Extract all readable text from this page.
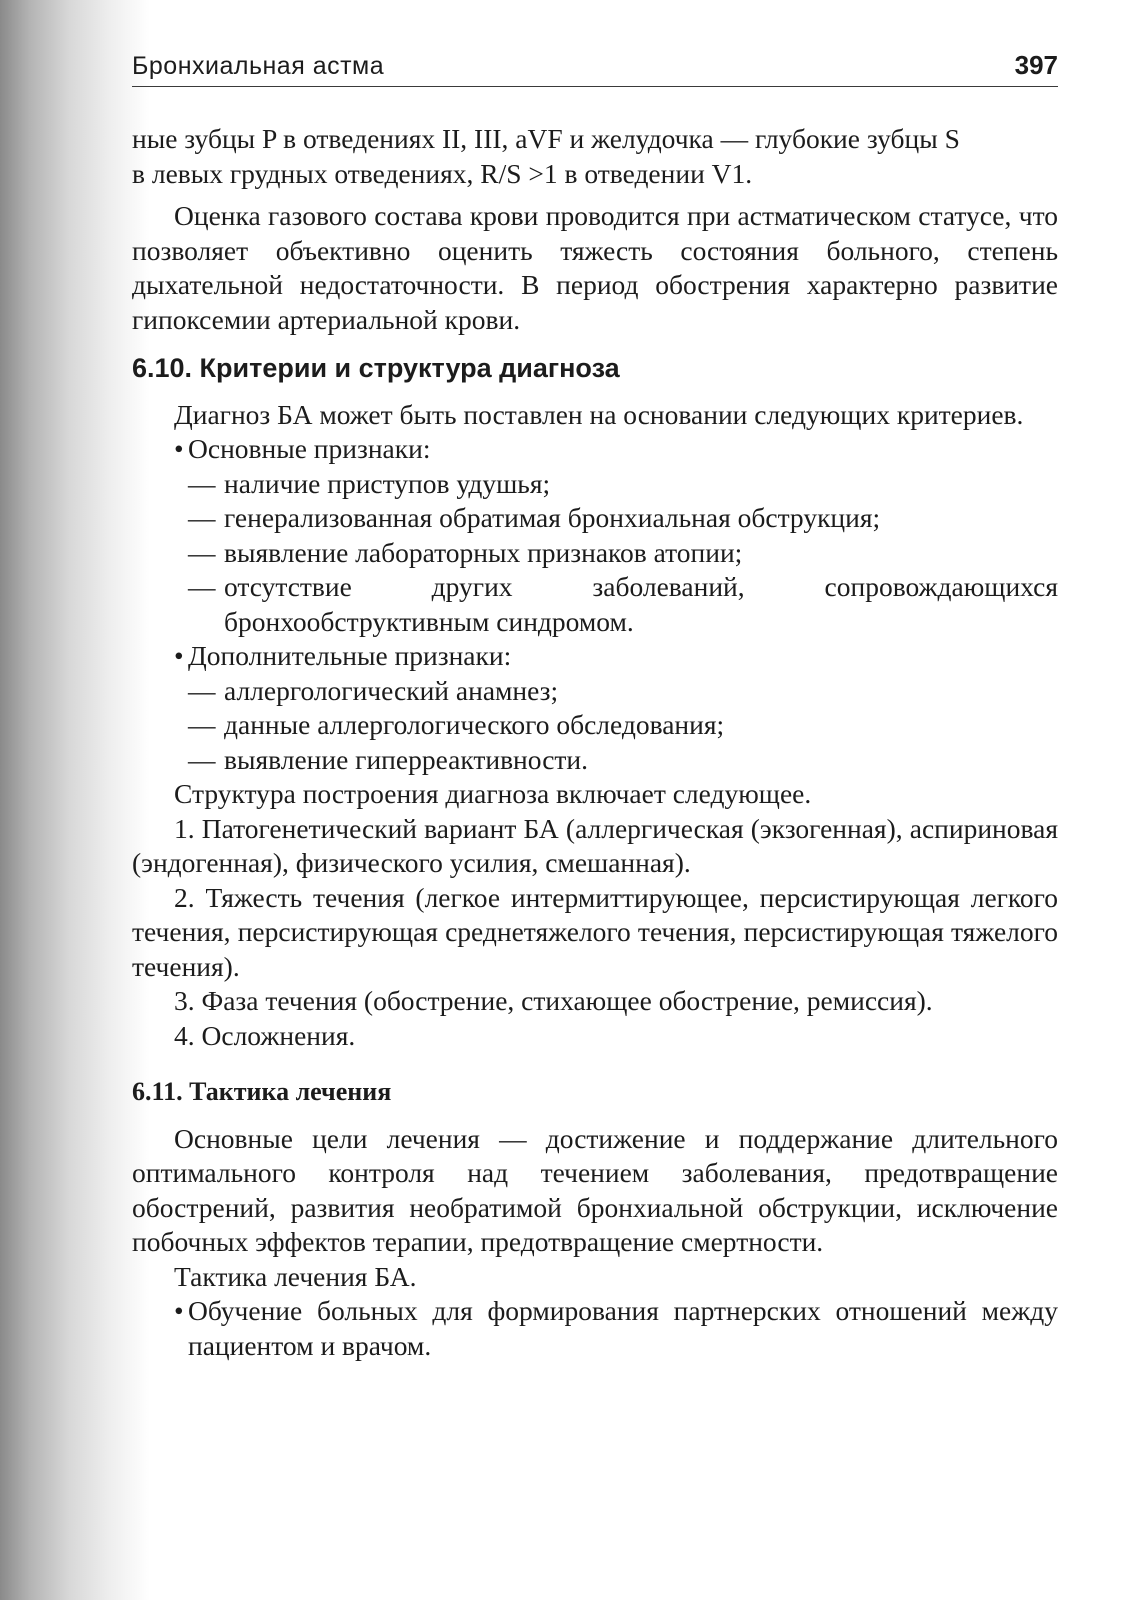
Бронхиальная астма	397

ные зубцы P в отведениях II, III, aVF и желудочка — глубокие зубцы S
в левых грудных отведениях, R/S >1 в отведении V1.

Оценка газового состава крови проводится при астматическом статусе, что позволяет объективно оценить тяжесть состояния больного, степень дыхательной недостаточности. В период обострения характерно развитие гипоксемии артериальной крови.

6.10. Критерии и структура диагноза

Диагноз БА может быть поставлен на основании следующих критериев.

• Основные признаки:

— наличие приступов удушья;

— генерализованная обратимая бронхиальная обструкция;

— выявление лабораторных признаков атопии;

— отсутствие других заболеваний, сопровождающихся бронхообструктивным синдромом.

• Дополнительные признаки:

— аллергологический анамнез;

— данные аллергологического обследования;

— выявление гиперреактивности.

Структура построения диагноза включает следующее.

1. Патогенетический вариант БА (аллергическая (экзогенная), аспириновая (эндогенная), физического усилия, смешанная).

2. Тяжесть течения (легкое интермиттирующее, персистирующая легкого течения, персистирующая среднетяжелого течения, персистирующая тяжелого течения).

3. Фаза течения (обострение, стихающее обострение, ремиссия).

4. Осложнения.

6.11. Тактика лечения

Основные цели лечения — достижение и поддержание длительного оптимального контроля над течением заболевания, предотвращение обострений, развития необратимой бронхиальной обструкции, исключение побочных эффектов терапии, предотвращение смертности.

Тактика лечения БА.

• Обучение больных для формирования партнерских отношений между пациентом и врачом.
